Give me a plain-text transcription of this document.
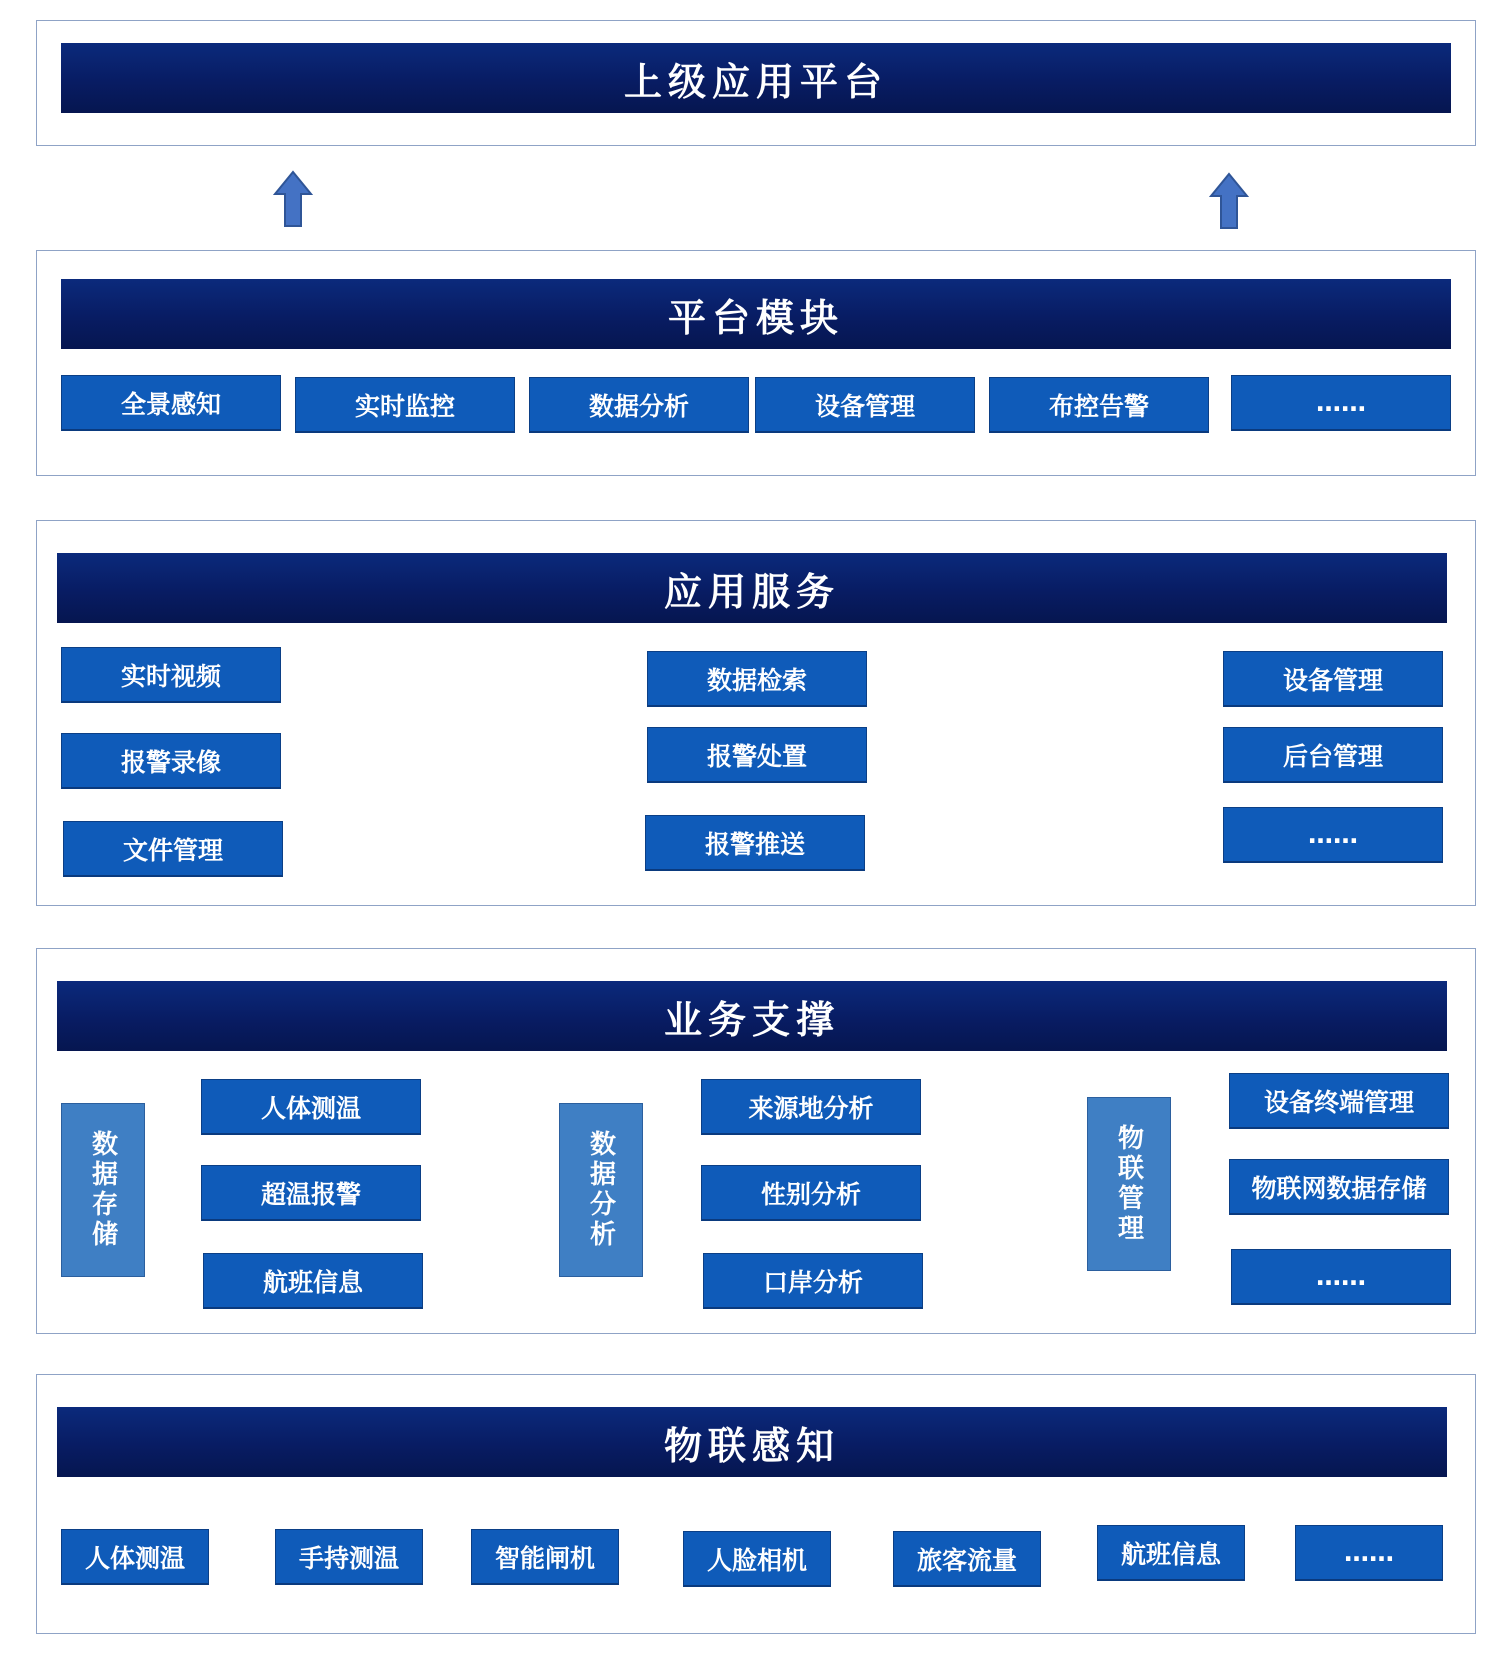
上级应用平台
平台模块
全景感知	实时监控	数据分析	设备管理	布控告警	……
应用服务
实时视频
报警录像
文件管理
数据检索
报警处置
报警推送
设备管理
后台管理
……
业务支撑
数据存储
人体测温
超温报警
航班信息
数据分析
来源地分析
性别分析
口岸分析
物联管理
设备终端管理
物联网数据存储
……
物联感知
人体测温	手持测温	智能闸机	人脸相机	旅客流量	航班信息	……
